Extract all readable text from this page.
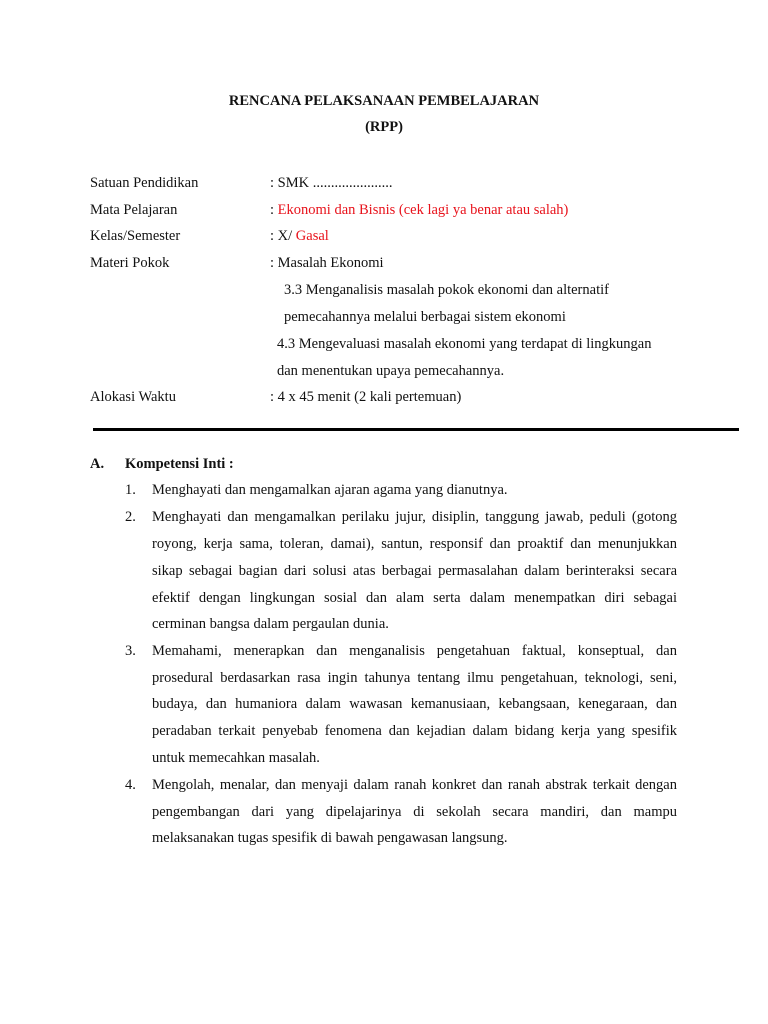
RENCANA PELAKSANAAN PEMBELAJARAN
(RPP)
Satuan Pendidikan	: SMK ......................
Mata Pelajaran	: Ekonomi dan Bisnis (cek lagi ya benar atau salah)
Kelas/Semester	: X/ Gasal
Materi Pokok	: Masalah Ekonomi
3.3 Menganalisis masalah pokok ekonomi dan alternatif
pemecahannya melalui berbagai sistem ekonomi
4.3 Mengevaluasi masalah ekonomi yang terdapat di lingkungan
dan menentukan upaya pemecahannya.
Alokasi Waktu	: 4 x 45 menit (2 kali pertemuan)
A. Kompetensi Inti :
1. Menghayati dan mengamalkan ajaran agama yang dianutnya.
2. Menghayati dan mengamalkan perilaku jujur, disiplin, tanggung jawab, peduli (gotong
royong, kerja sama, toleran, damai), santun, responsif dan proaktif dan menunjukkan
sikap sebagai bagian dari solusi atas berbagai permasalahan dalam berinteraksi secara
efektif dengan lingkungan sosial dan alam serta dalam menempatkan diri sebagai
cerminan bangsa dalam pergaulan dunia.
3. Memahami, menerapkan dan menganalisis pengetahuan faktual, konseptual, dan
prosedural berdasarkan rasa ingin tahunya tentang ilmu pengetahuan, teknologi, seni,
budaya, dan humaniora dalam wawasan kemanusiaan, kebangsaan, kenegaraan, dan
peradaban terkait penyebab fenomena dan kejadian dalam bidang kerja yang spesifik
untuk memecahkan masalah.
4. Mengolah, menalar, dan menyaji dalam ranah konkret dan ranah abstrak terkait dengan
pengembangan dari yang dipelajarinya di sekolah secara mandiri, dan mampu
melaksanakan tugas spesifik di bawah pengawasan langsung.
